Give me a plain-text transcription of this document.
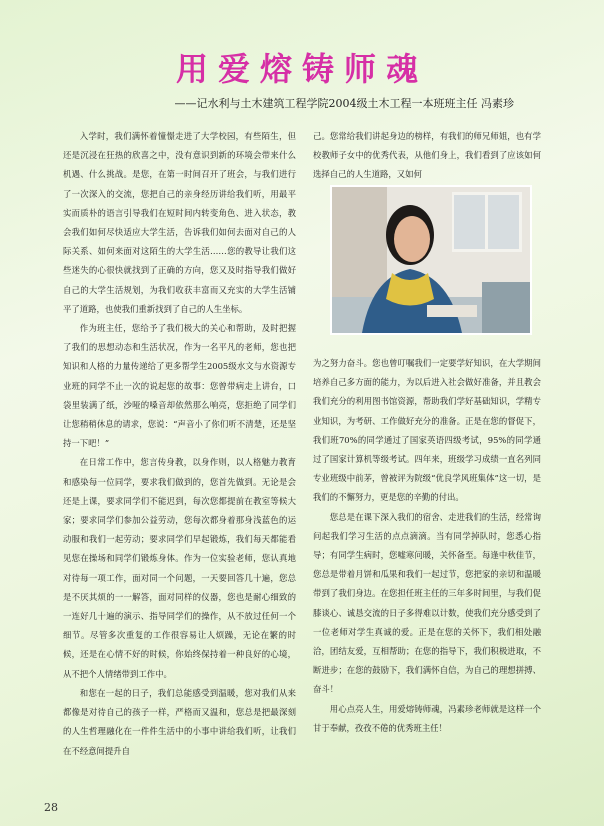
用爱熔铸师魂
——记水利与土木建筑工程学院2004级土木工程一本班班主任 冯素珍

入学时，我们满怀着憧憬走进了大学校园，有些陌生，但还是沉浸在狂热的欣喜之中，没有意识到新的环境会带来什么机遇、什么挑战。是您，在第一时间召开了班会，与我们进行了一次深入的交流，您把自己的亲身经历讲给我们听，用最平实而质朴的语言引导我们在短时间内转变角色、进入状态，教会我们如何尽快适应大学生活，告诉我们如何去面对自己的人际关系、如何来面对这陌生的大学生活……您的教导让我们这些迷失的心很快就找到了正确的方向，您又及时指导我们做好自己的大学生活规划，为我们收获丰富而又充实的大学生活铺平了道路，也使我们重新找到了自己的人生坐标。

作为班主任，您给予了我们极大的关心和帮助，及时把握了我们的思想动态和生活状况，作为一名平凡的老师，您也把知识和人格的力量传递给了更多帮学生2005级水文与水资源专业班的同学不止一次的说起您的故事：您曾带病走上讲台，口袋里装满了纸，沙哑的嗓音却依然那么响亮，您拒绝了同学们让您稍稍休息的请求，您说：“声音小了你们听不清楚，还是坚持一下吧！”

在日常工作中，您言传身教，以身作则，以人格魅力教育和感染每一位同学，要求我们做到的，您首先做到。无论是会还是上课，要求同学们不能迟到，每次您都提前在教室等候大家；要求同学们参加公益劳动，您每次都身着那身浅蓝色的运动服和我们一起劳动；要求同学们早起锻炼，我们每天都能看见您在操场和同学们锻炼身体。作为一位实验老师，您认真地对待每一项工作，面对同一个问题，一天要回答几十遍，您总是不厌其烦的一一解答，面对同样的仪器，您也是耐心细致的一连好几十遍的演示、指导同学们的操作，从不放过任何一个细节。尽管多次重复的工作很容易让人烦躁，无论在繁的时候，还是在心情不好的时候，你始终保持着一种良好的心境，从不把个人情绪带到工作中。

和您在一起的日子，我们总能感受到温暖，您对我们从来都像是对待自己的孩子一样，严格而又温和，您总是把最深刻的人生哲理融化在一件件生活中的小事中讲给我们听，让我们在不经意间提升自

己。您常给我们讲起身边的榜样，有我们的师兄师姐，也有学校教师子女中的优秀代表，从他们身上，我们看到了应该如何选择自己的人生道路，又如何

为之努力奋斗。您也曾叮嘱我们一定要学好知识，在大学期间培养自己多方面的能力，为以后进入社会做好准备，并且教会我们充分的利用图书馆资源，帮助我们学好基础知识，学精专业知识，为考研、工作做好充分的准备。正是在您的督促下，我们班70%的同学通过了国家英语四级考试，95%的同学通过了国家计算机等级考试。四年来，班级学习成绩一直名列同专业班级中前茅，曾被评为院级“优良学风班集体”这一切，是我们的不懈努力，更是您的辛勤的付出。

您总是在课下深入我们的宿舍、走进我们的生活，经常询问起我们学习生活的点点滴滴。当有同学掉队时，您悉心指导；有同学生病时，您嘘寒问暖，关怀备至。每逢中秋佳节，您总是带着月饼和瓜果和我们一起过节，您把家的亲切和温暖带到了我们身边。在您担任班主任的三年多时间里，与我们促膝谈心、诚恳交流的日子多得难以计数，使我们充分感受到了一位老师对学生真诚的爱。正是在您的关怀下，我们相处融洽，团结友爱，互相帮助；在您的指导下，我们积极进取，不断进步；在您的鼓励下，我们满怀自信，为自己的理想拼搏、奋斗！

用心点亮人生，用爱熔铸师魂，冯素珍老师就是这样一个甘于奉献，孜孜不倦的优秀班主任！

28
